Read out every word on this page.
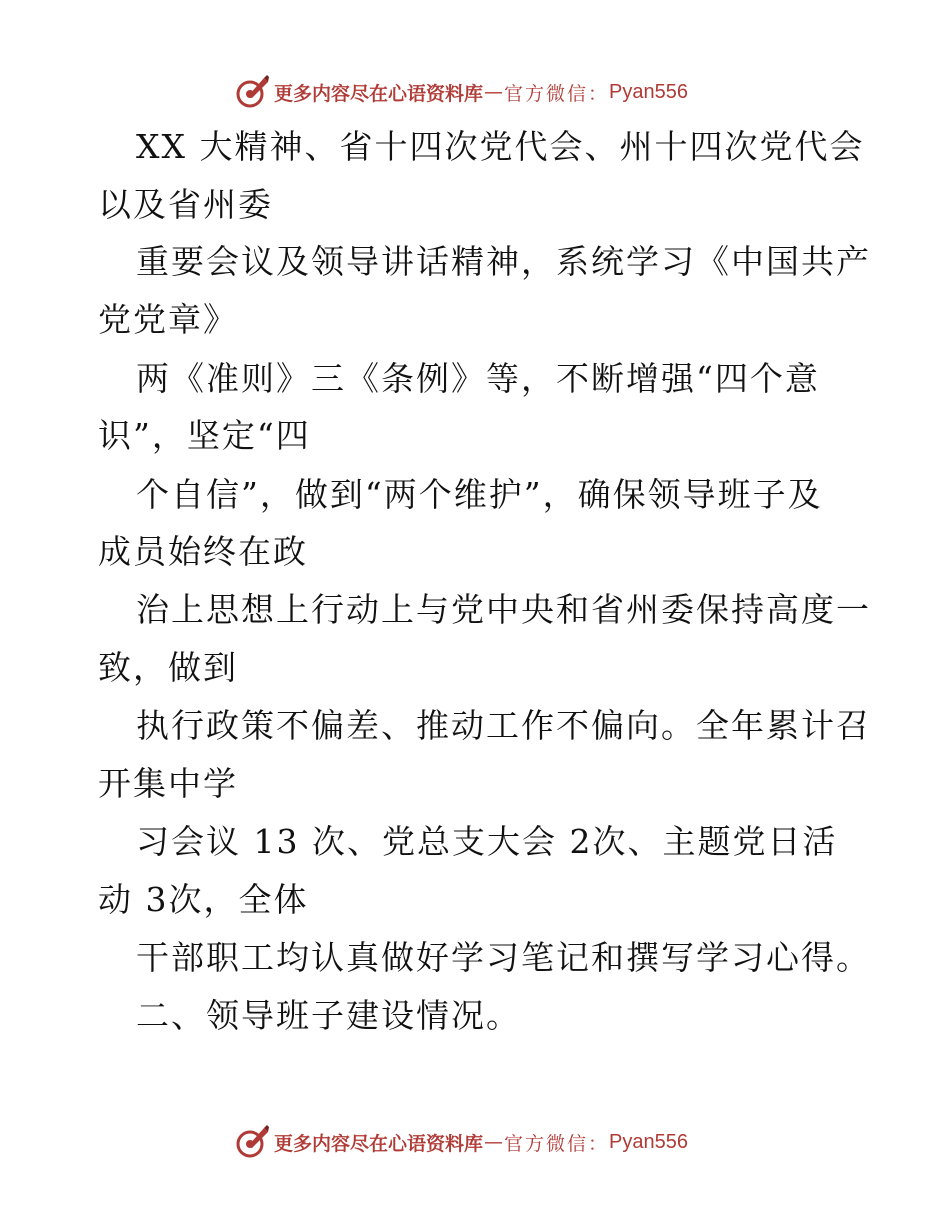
更多内容尽在心语资料库 — 官方微信： Pyan556
XX 大精神、省十四次党代会、州十四次党代会
以及省州委
重要会议及领导讲话精神，系统学习《中国共产
党党章》
两《准则》三《条例》等，不断增强“四个意
识”，坚定“四
个自信”，做到“两个维护”，确保领导班子及
成员始终在政
治上思想上行动上与党中央和省州委保持高度一
致，做到
执行政策不偏差、推动工作不偏向。全年累计召
开集中学
习会议 13 次、党总支大会 2次、主题党日活
动 3次，全体
干部职工均认真做好学习笔记和撰写学习心得。
二、领导班子建设情况。
更多内容尽在心语资料库 — 官方微信： Pyan556
